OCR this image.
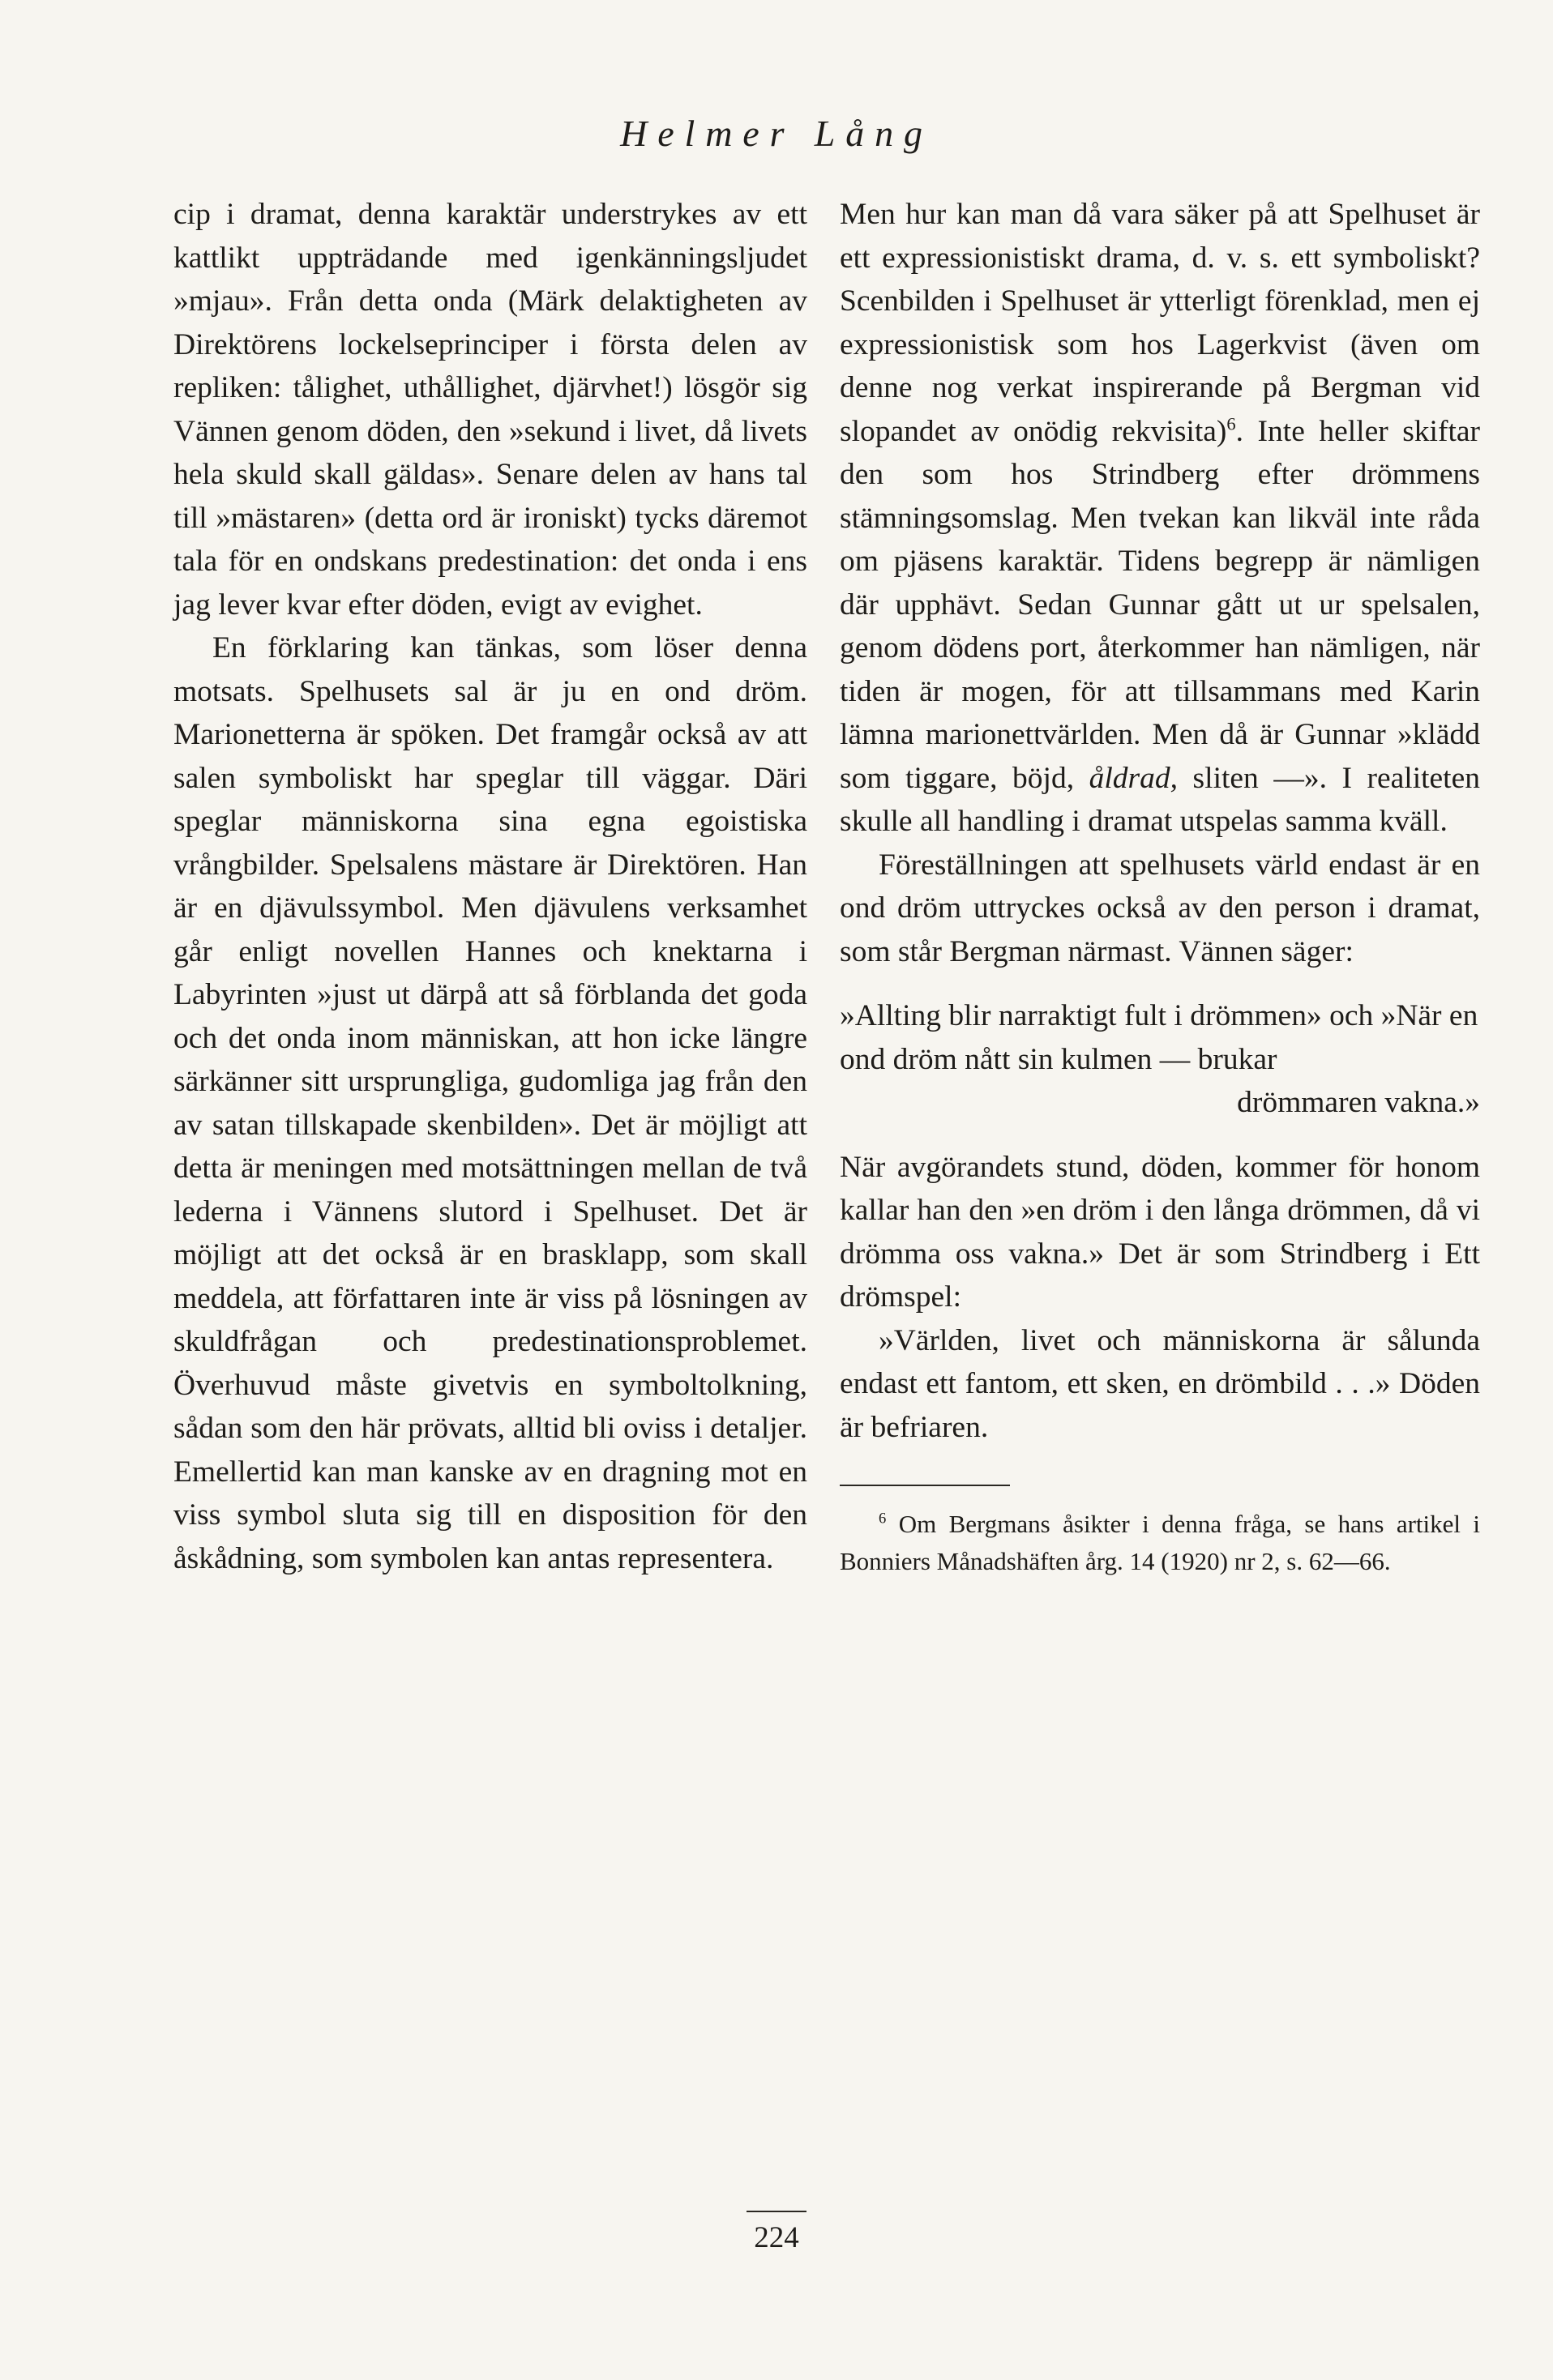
Helmer Lång

cip i dramat, denna karaktär understrykes av ett kattlikt uppträdande med igenkänningsljudet »mjau». Från detta onda (Märk delaktigheten av Direktörens lockelseprinciper i första delen av repliken: tålighet, uthållighet, djärvhet!) lösgör sig Vännen genom döden, den »sekund i livet, då livets hela skuld skall gäldas». Senare delen av hans tal till »mästaren» (detta ord är ironiskt) tycks däremot tala för en ondskans predestination: det onda i ens jag lever kvar efter döden, evigt av evighet.

En förklaring kan tänkas, som löser denna motsats. Spelhusets sal är ju en ond dröm. Marionetterna är spöken. Det framgår också av att salen symboliskt har speglar till väggar. Däri speglar människorna sina egna egoistiska vrångbilder. Spelsalens mästare är Direktören. Han är en djävulssymbol. Men djävulens verksamhet går enligt novellen Hannes och knektarna i Labyrinten »just ut därpå att så förblanda det goda och det onda inom människan, att hon icke längre särkänner sitt ursprungliga, gudomliga jag från den av satan tillskapade skenbilden». Det är möjligt att detta är meningen med motsättningen mellan de två lederna i Vännens slutord i Spelhuset. Det är möjligt att det också är en brasklapp, som skall meddela, att författaren inte är viss på lösningen av skuldfrågan och predestinationsproblemet. Överhuvud måste givetvis en symboltolkning, sådan som den här prövats, alltid bli oviss i detaljer. Emellertid kan man kanske av en dragning mot en viss symbol sluta sig till en disposition för den åskådning, som symbolen kan antas representera.

Men hur kan man då vara säker på att Spelhuset är ett expressionistiskt drama, d. v. s. ett symboliskt? Scenbilden i Spelhuset är ytterligt förenklad, men ej expressionistisk som hos Lagerkvist (även om denne nog verkat inspirerande på Bergman vid slopandet av onödig rekvisita)$^6$. Inte heller skiftar den som hos Strindberg efter drömmens stämningsomslag. Men tvekan kan likväl inte råda om pjäsens karaktär. Tidens begrepp är nämligen där upphävt. Sedan Gunnar gått ut ur spelsalen, genom dödens port, återkommer han nämligen, när tiden är mogen, för att tillsammans med Karin lämna marionettvärlden. Men då är Gunnar »klädd som tiggare, böjd, åldrad, sliten —». I realiteten skulle all handling i dramat utspelas samma kväll.

Föreställningen att spelhusets värld endast är en ond dröm uttryckes också av den person i dramat, som står Bergman närmast. Vännen säger:

»Allting blir narraktigt fult i drömmen» och »När en ond dröm nått sin kulmen — brukar
drömmaren vakna.»

När avgörandets stund, döden, kommer för honom kallar han den »en dröm i den långa drömmen, då vi drömma oss vakna.» Det är som Strindberg i Ett drömspel:

»Världen, livet och människorna är sålunda endast ett fantom, ett sken, en drömbild . . .» Döden är befriaren.

$^6$ Om Bergmans åsikter i denna fråga, se hans artikel i Bonniers Månadshäften årg. 14 (1920) nr 2, s. 62—66.

224
